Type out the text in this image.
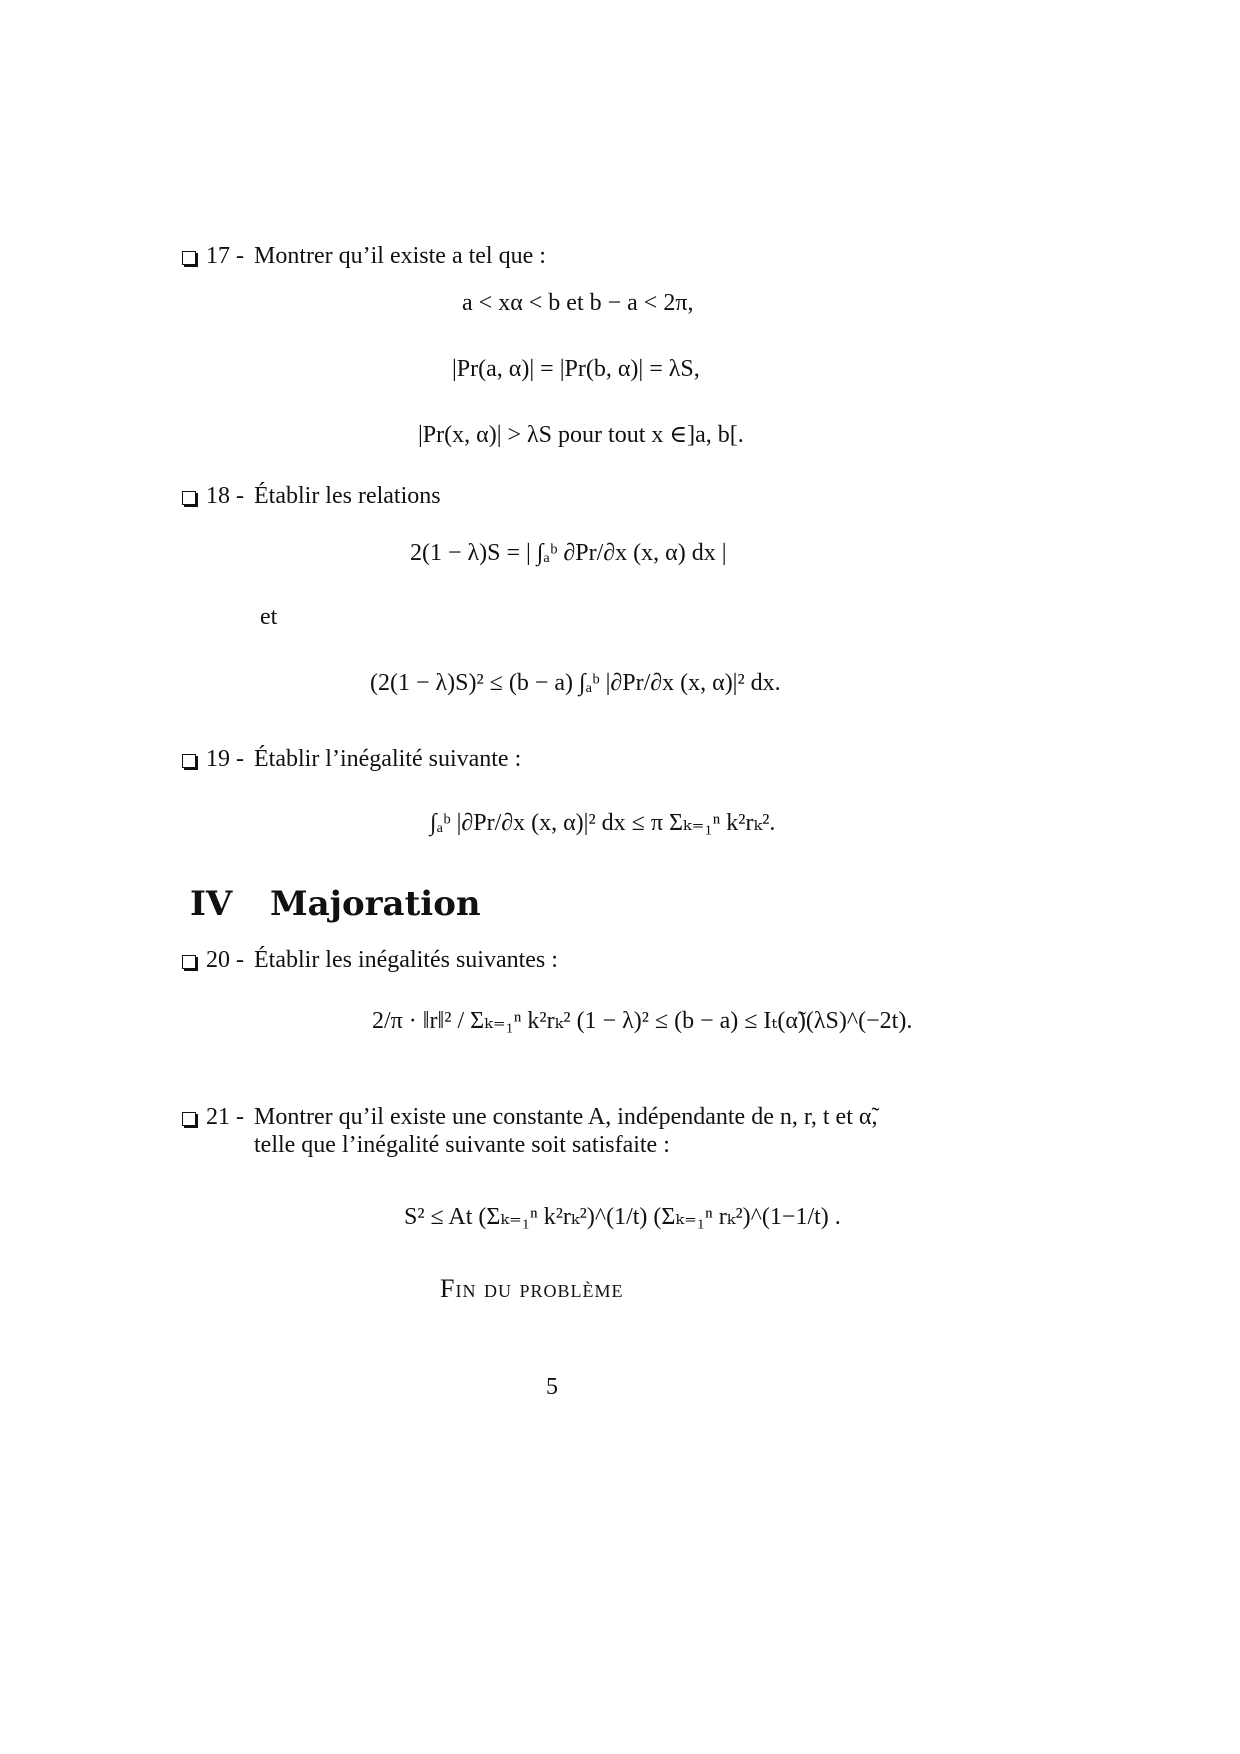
17 - Montrer qu’il existe a tel que :
a < xα < b et b − a < 2π,
|Pr(a, α)| = |Pr(b, α)| = λS,
|Pr(x, α)| > λS pour tout x ∈]a, b[.
18 - Établir les relations
2(1 − λ)S = | ∫ₐᵇ ∂Pr/∂x (x, α) dx |
et
(2(1 − λ)S)² ≤ (b − a) ∫ₐᵇ |∂Pr/∂x (x, α)|² dx.
19 - Établir l’inégalité suivante :
∫ₐᵇ |∂Pr/∂x (x, α)|² dx ≤ π Σₖ₌₁ⁿ k²rₖ².
IV Majoration
20 - Établir les inégalités suivantes :
2/π · ‖r‖² / Σₖ₌₁ⁿ k²rₖ² (1 − λ)² ≤ (b − a) ≤ Iₜ(α̃)(λS)^(−2t).
21 - Montrer qu’il existe une constante A, indépendante de n, r, t et α̃,
telle que l’inégalité suivante soit satisfaite :
S² ≤ At (Σₖ₌₁ⁿ k²rₖ²)^(1/t) (Σₖ₌₁ⁿ rₖ²)^(1−1/t) .
Fin du problème
5
